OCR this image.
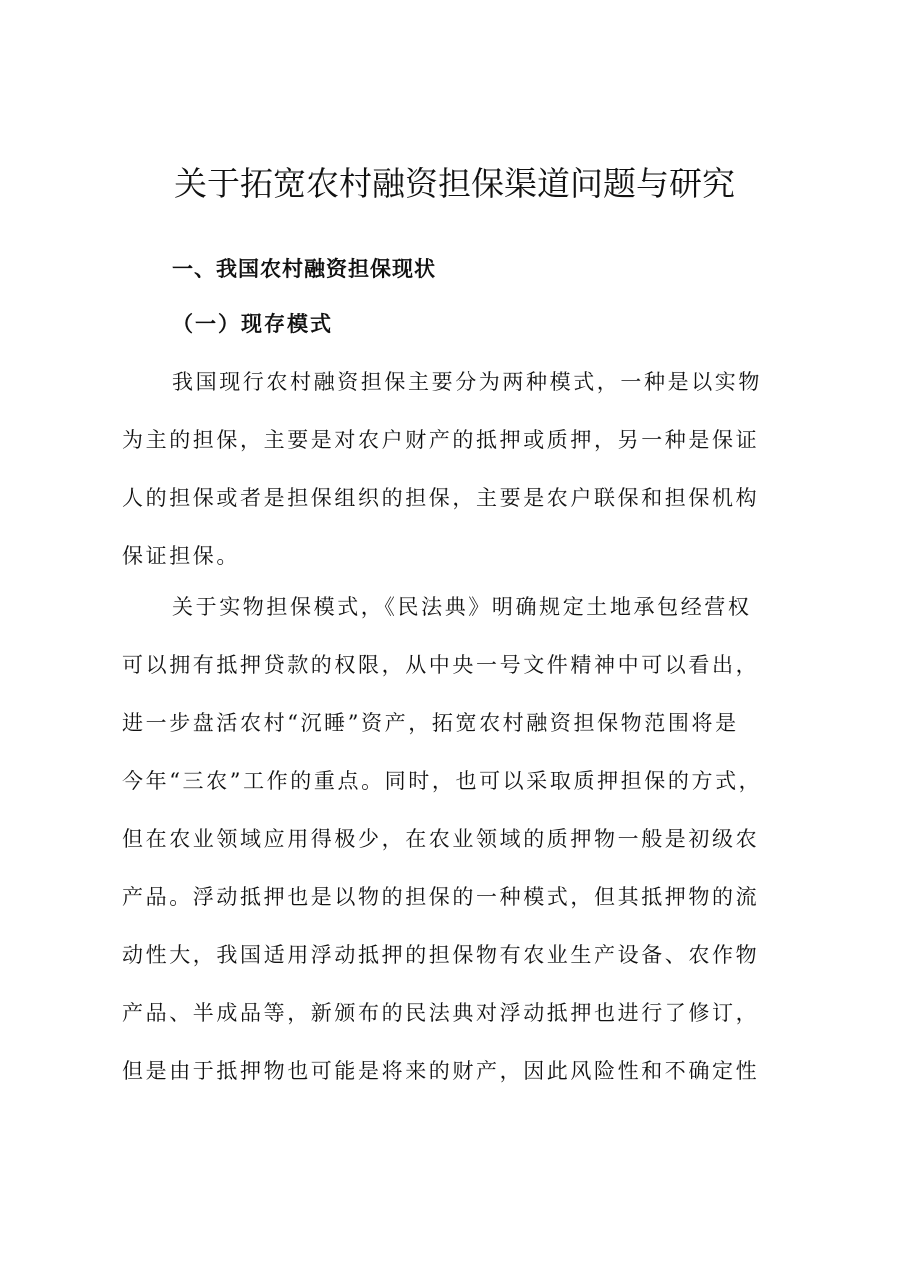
关于拓宽农村融资担保渠道问题与研究
一、我国农村融资担保现状
（一）现存模式

我国现行农村融资担保主要分为两种模式，一种是以实物
为主的担保，主要是对农户财产的抵押或质押，另一种是保证
人的担保或者是担保组织的担保，主要是农户联保和担保机构
保证担保。

关于实物担保模式，《民法典》明确规定土地承包经营权
可以拥有抵押贷款的权限，从中央一号文件精神中可以看出，
进一步盘活农村“沉睡”资产，拓宽农村融资担保物范围将是
今年“三农”工作的重点。同时，也可以采取质押担保的方式，
但在农业领域应用得极少，在农业领域的质押物一般是初级农
产品。浮动抵押也是以物的担保的一种模式，但其抵押物的流
动性大，我国适用浮动抵押的担保物有农业生产设备、农作物
产品、半成品等，新颁布的民法典对浮动抵押也进行了修订，
但是由于抵押物也可能是将来的财产，因此风险性和不确定性
